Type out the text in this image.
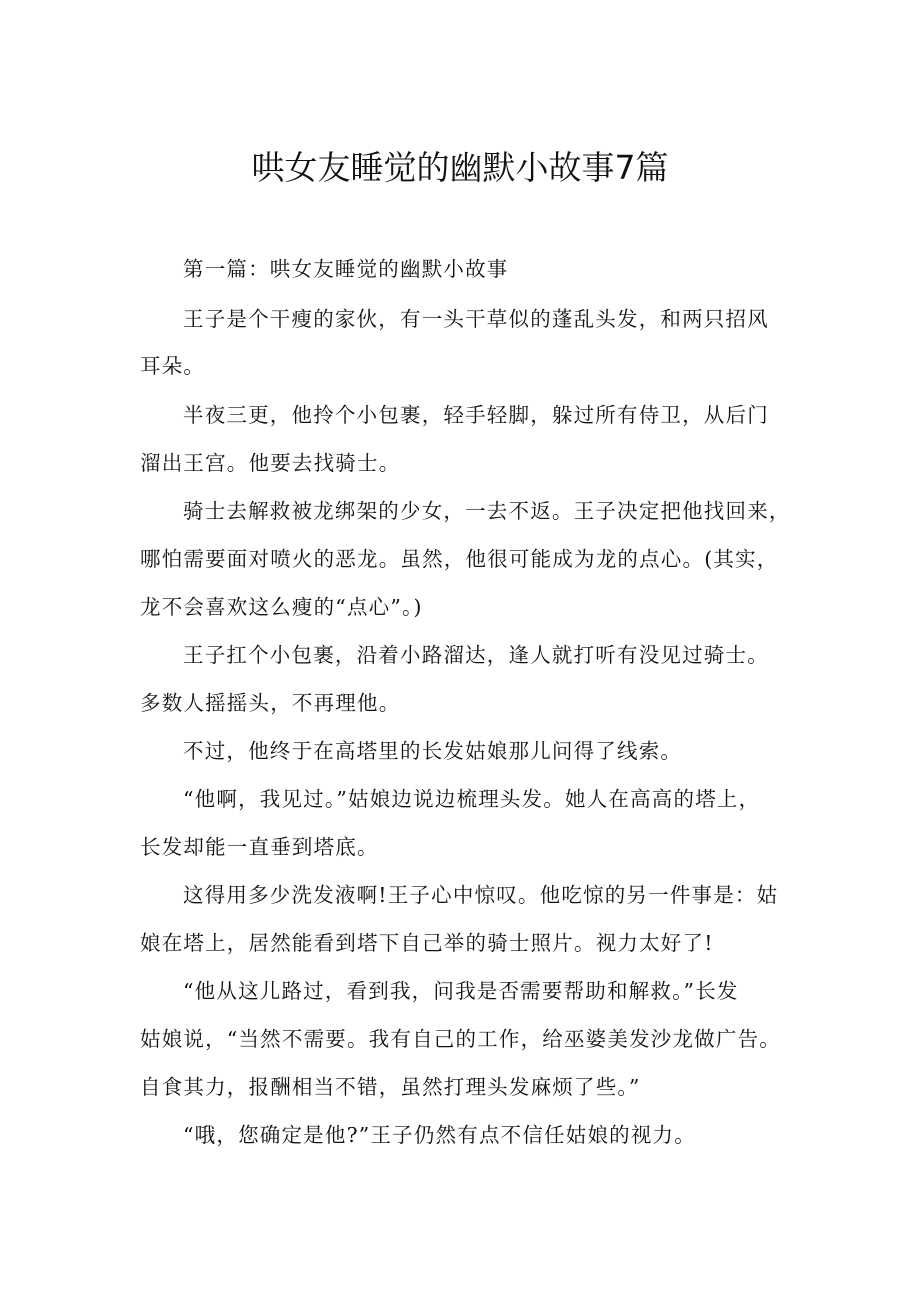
哄女友睡觉的幽默小故事7篇
第一篇：哄女友睡觉的幽默小故事
王子是个干瘦的家伙，有一头干草似的蓬乱头发，和两只招风
耳朵。
半夜三更，他拎个小包裹，轻手轻脚，躲过所有侍卫，从后门
溜出王宫。他要去找骑士。
骑士去解救被龙绑架的少女，一去不返。王子决定把他找回来，
哪怕需要面对喷火的恶龙。虽然，他很可能成为龙的点心。(其实，
龙不会喜欢这么瘦的“点心”。)
王子扛个小包裹，沿着小路溜达，逢人就打听有没见过骑士。
多数人摇摇头，不再理他。
不过，他终于在高塔里的长发姑娘那儿问得了线索。
“他啊，我见过。”姑娘边说边梳理头发。她人在高高的塔上，
长发却能一直垂到塔底。
这得用多少洗发液啊!王子心中惊叹。他吃惊的另一件事是：姑
娘在塔上，居然能看到塔下自己举的骑士照片。视力太好了!
“他从这儿路过，看到我，问我是否需要帮助和解救。”长发
姑娘说，“当然不需要。我有自己的工作，给巫婆美发沙龙做广告。
自食其力，报酬相当不错，虽然打理头发麻烦了些。”
“哦，您确定是他?”王子仍然有点不信任姑娘的视力。
